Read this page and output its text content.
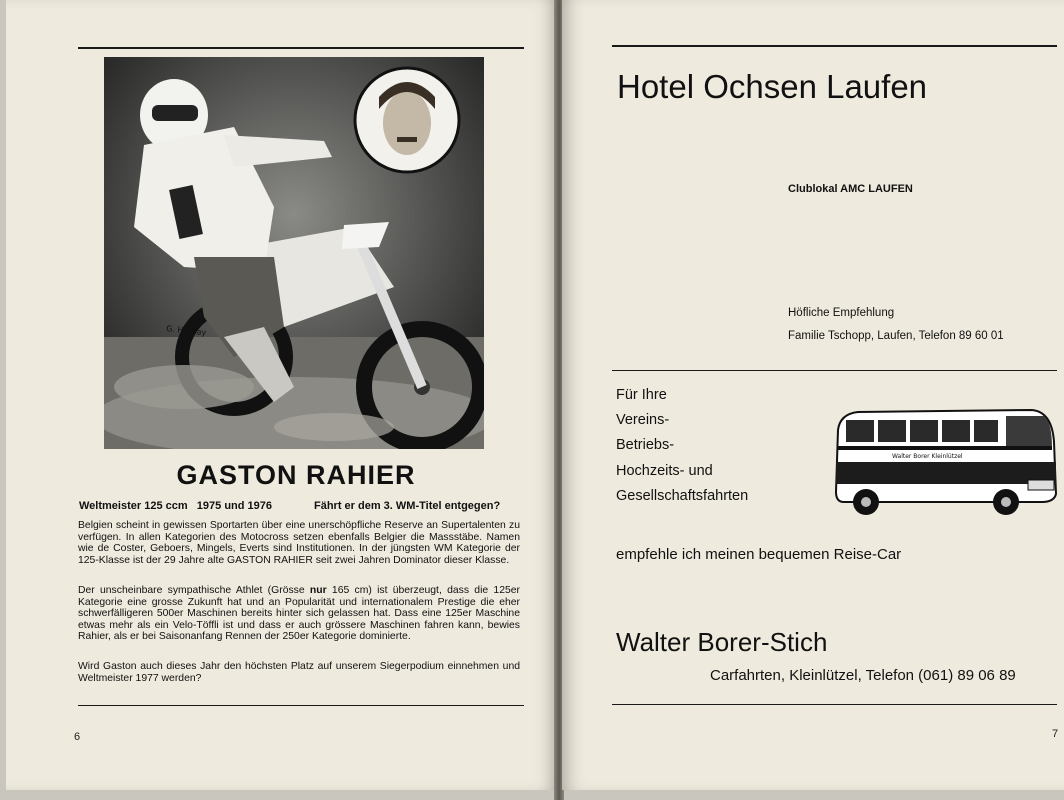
G. Hossay
GASTON RAHIER
Weltmeister 125 ccm   1975 und 1976	Fährt er dem 3. WM-Titel entgegen?
Belgien scheint in gewissen Sportarten über eine unerschöpfliche Reserve an Supertalenten zu verfügen. In allen Kategorien des Motocross setzen ebenfalls Belgier die Massstäbe. Namen wie de Coster, Geboers, Mingels, Everts sind Institutionen. In der jüngsten WM Kategorie der 125-Klasse ist der 29 Jahre alte GASTON RAHIER seit zwei Jahren Dominator dieser Klasse.
Der unscheinbare sympathische Athlet (Grösse nur 165 cm) ist überzeugt, dass die 125er Kategorie eine grosse Zukunft hat und an Popularität und internationalem Prestige die eher schwerfälligeren 500er Maschinen bereits hinter sich gelassen hat. Dass eine 125er Maschine etwas mehr als ein Velo-Töffli ist und dass er auch grössere Maschinen fahren kann, bewies Rahier, als er bei Saisonanfang Rennen der 250er Kategorie dominierte.
Wird Gaston auch dieses Jahr den höchsten Platz auf unserem Siegerpodium einnehmen und Weltmeister 1977 werden?
6
Hotel Ochsen Laufen
Clublokal AMC LAUFEN
Höfliche Empfehlung
Familie Tschopp, Laufen, Telefon 89 60 01
Für Ihre
Vereins-
Betriebs-
Hochzeits- und
Gesellschaftsfahrten
Walter Borer Kleinlützel
empfehle ich meinen bequemen Reise-Car
Walter Borer-Stich
Carfahrten, Kleinlützel, Telefon (061) 89 06 89
7
